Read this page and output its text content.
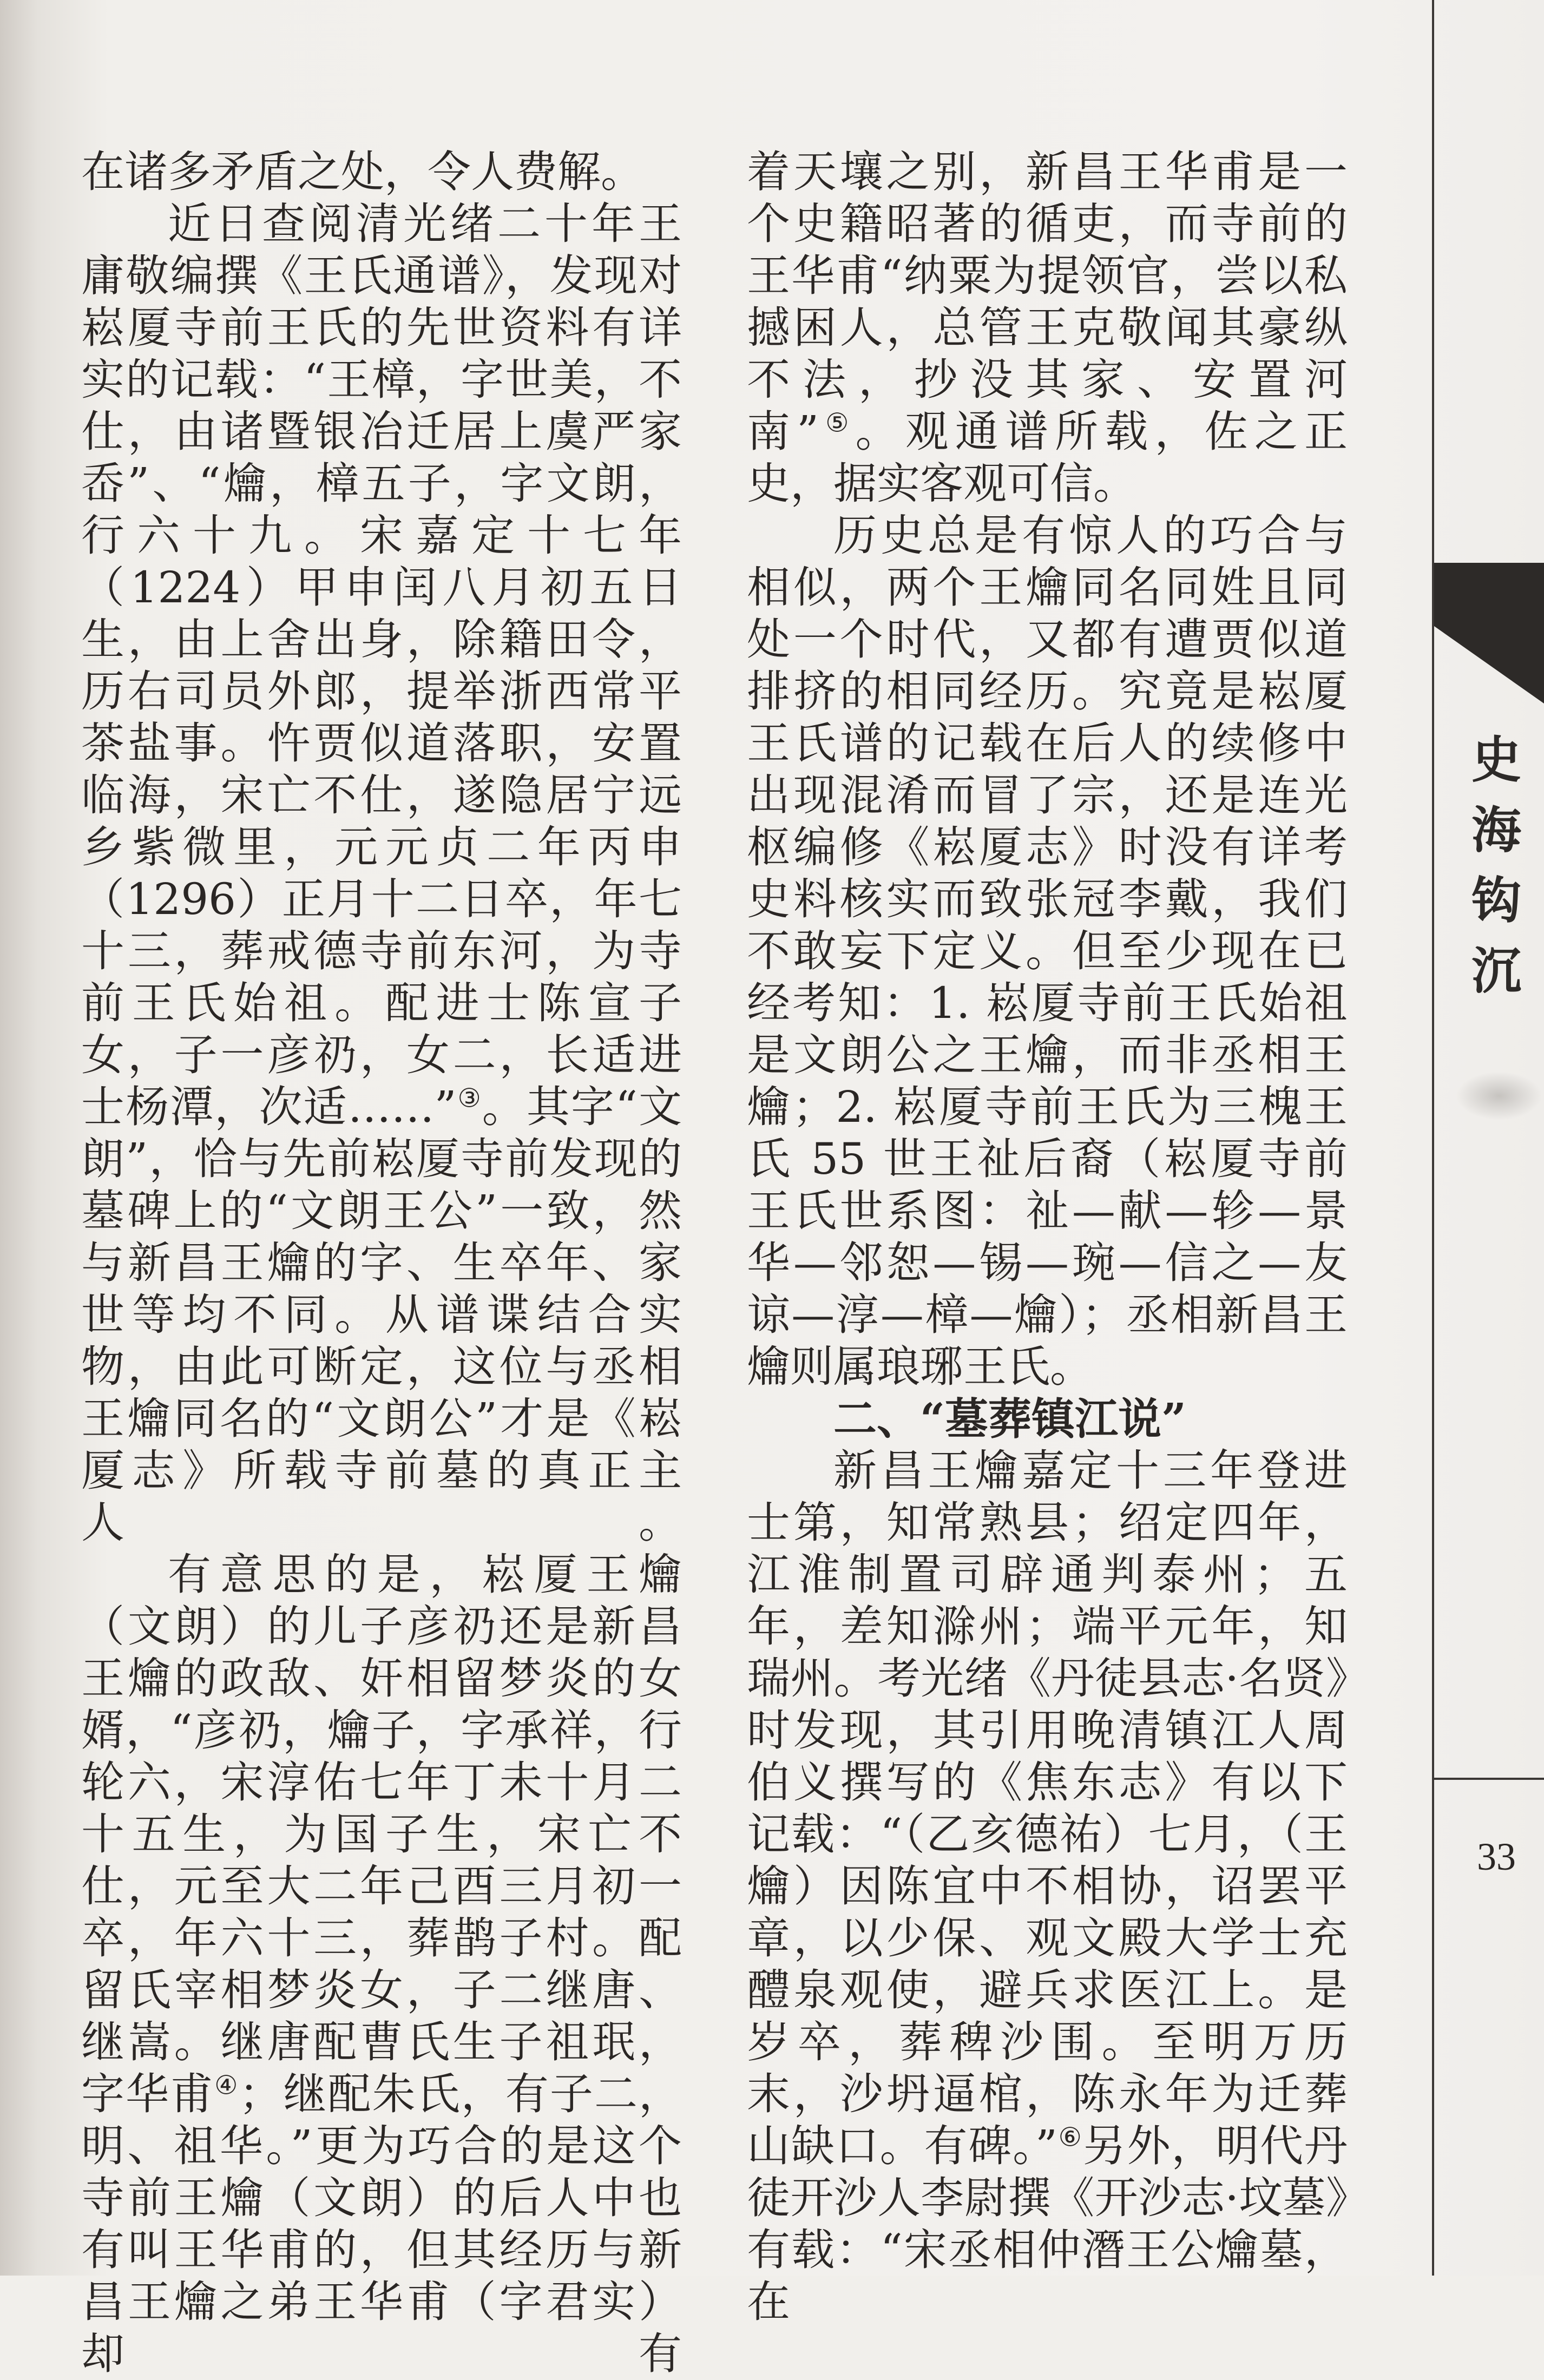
在诸多矛盾之处，令人费解。

近日查阅清光绪二十年王庸敬编撰《王氏通谱》，发现对崧厦寺前王氏的先世资料有详实的记载：“王樟，字世美，不仕，由诸暨银冶迁居上虞严家岙”、“爚，樟五子，字文朗，行六十九。宋嘉定十七年（1224）甲申闰八月初五日生，由上舍出身，除籍田令，历右司员外郎，提举浙西常平茶盐事。忤贾似道落职，安置临海，宋亡不仕，遂隐居宁远乡紫微里，元元贞二年丙申（1296）正月十二日卒，年七十三，葬戒德寺前东河，为寺前王氏始祖。配进士陈宣子女，子一彦礽，女二，长适进士杨潭，次适……”③。其字“文朗”，恰与先前崧厦寺前发现的墓碑上的“文朗王公”一致，然与新昌王爚的字、生卒年、家世等均不同。从谱谍结合实物，由此可断定，这位与丞相王爚同名的“文朗公”才是《崧厦志》所载寺前墓的真正主人。

有意思的是，崧厦王爚（文朗）的儿子彦礽还是新昌王爚的政敌、奸相留梦炎的女婿，“彦礽，爚子，字承祥，行轮六，宋淳佑七年丁未十月二十五生，为国子生，宋亡不仕，元至大二年己酉三月初一卒，年六十三，葬鹊子村。配留氏宰相梦炎女，子二继唐、继嵩。继唐配曹氏生子祖珉，字华甫④；继配朱氏，有子二，明、祖华。”更为巧合的是这个寺前王爚（文朗）的后人中也有叫王华甫的，但其经历与新昌王爚之弟王华甫（字君实）却有

着天壤之别，新昌王华甫是一个史籍昭著的循吏，而寺前的王华甫“纳粟为提领官，尝以私撼困人，总管王克敬闻其豪纵不法，抄没其家、安置河南”⑤。观通谱所载，佐之正史，据实客观可信。

历史总是有惊人的巧合与相似，两个王爚同名同姓且同处一个时代，又都有遭贾似道排挤的相同经历。究竟是崧厦王氏谱的记载在后人的续修中出现混淆而冒了宗，还是连光枢编修《崧厦志》时没有详考史料核实而致张冠李戴，我们不敢妄下定义。但至少现在已经考知：1. 崧厦寺前王氏始祖是文朗公之王爚，而非丞相王爚；2. 崧厦寺前王氏为三槐王氏 55 世王祉后裔（崧厦寺前王氏世系图：祉—献—轸—景华—邻恕—锡—琬—信之—友谅—淳—樟—爚）；丞相新昌王爚则属琅琊王氏。

二、“墓葬镇江说”

新昌王爚嘉定十三年登进士第，知常熟县；绍定四年，江淮制置司辟通判泰州；五年，差知滁州；端平元年，知瑞州。考光绪《丹徒县志·名贤》时发现，其引用晚清镇江人周伯义撰写的《焦东志》有以下记载：“（乙亥德祐）七月，（王爚）因陈宜中不相协，诏罢平章，以少保、观文殿大学士充醴泉观使，避兵求医江上。是岁卒，葬稗沙围。至明万历末，沙坍逼棺，陈永年为迁葬山缺口。有碑。”⑥另外，明代丹徒开沙人李尉撰《开沙志·坟墓》有载：“宋丞相仲潛王公爚墓，在

史海钩沉
33
